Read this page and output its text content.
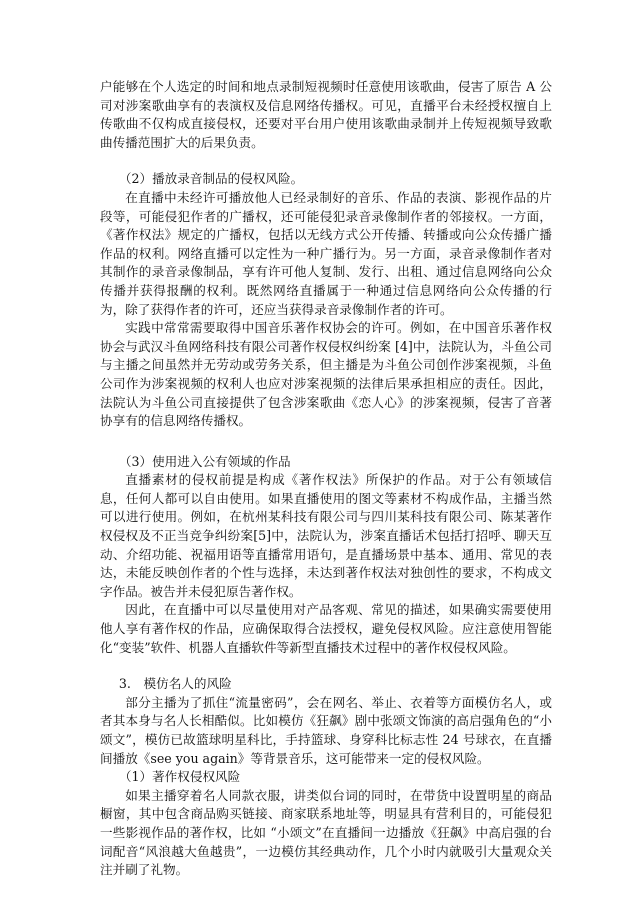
户能够在个人选定的时间和地点录制短视频时任意使用该歌曲，侵害了原告 A 公司对涉案歌曲享有的表演权及信息网络传播权。可见，直播平台未经授权擅自上传歌曲不仅构成直接侵权，还要对平台用户使用该歌曲录制并上传短视频导致歌曲传播范围扩大的后果负责。

（2）播放录音制品的侵权风险。

在直播中未经许可播放他人已经录制好的音乐、作品的表演、影视作品的片段等，可能侵犯作者的广播权，还可能侵犯录音录像制作者的邻接权。一方面，《著作权法》规定的广播权，包括以无线方式公开传播、转播或向公众传播广播作品的权利。网络直播可以定性为一种广播行为。另一方面，录音录像制作者对其制作的录音录像制品，享有许可他人复制、发行、出租、通过信息网络向公众传播并获得报酬的权利。既然网络直播属于一种通过信息网络向公众传播的行为，除了获得作者的许可，还应当获得录音录像制作者的许可。

实践中常常需要取得中国音乐著作权协会的许可。例如，在中国音乐著作权协会与武汉斗鱼网络科技有限公司著作权侵权纠纷案 [4]中，法院认为，斗鱼公司与主播之间虽然并无劳动或劳务关系，但主播是为斗鱼公司创作涉案视频，斗鱼公司作为涉案视频的权利人也应对涉案视频的法律后果承担相应的责任。因此，法院认为斗鱼公司直接提供了包含涉案歌曲《恋人心》的涉案视频，侵害了音著协享有的信息网络传播权。

（3）使用进入公有领域的作品

直播素材的侵权前提是构成《著作权法》所保护的作品。对于公有领域信息，任何人都可以自由使用。如果直播使用的图文等素材不构成作品，主播当然可以进行使用。例如，在杭州某科技有限公司与四川某科技有限公司、陈某著作权侵权及不正当竞争纠纷案[5]中，法院认为，涉案直播话术包括打招呼、聊天互动、介绍功能、祝福用语等直播常用语句，是直播场景中基本、通用、常见的表达，未能反映创作者的个性与选择，未达到著作权法对独创性的要求，不构成文字作品。被告并未侵犯原告著作权。

因此，在直播中可以尽量使用对产品客观、常见的描述，如果确实需要使用他人享有著作权的作品，应确保取得合法授权，避免侵权风险。应注意使用智能化“变装”软件、机器人直播软件等新型直播技术过程中的著作权侵权风险。

3.　模仿名人的风险

部分主播为了抓住“流量密码”，会在网名、举止、衣着等方面模仿名人，或者其本身与名人长相酷似。比如模仿《狂飙》剧中张颂文饰演的高启强角色的“小颂文”，模仿已故篮球明星科比，手持篮球、身穿科比标志性 24 号球衣，在直播间播放《see you again》等背景音乐，这可能带来一定的侵权风险。

（1）著作权侵权风险

如果主播穿着名人同款衣服，讲类似台词的同时，在带货中设置明星的商品橱窗，其中包含商品购买链接、商家联系地址等，明显具有营利目的，可能侵犯一些影视作品的著作权，比如 “小颂文”在直播间一边播放《狂飙》中高启强的台词配音“风浪越大鱼越贵”，一边模仿其经典动作，几个小时内就吸引大量观众关注并刷了礼物。
